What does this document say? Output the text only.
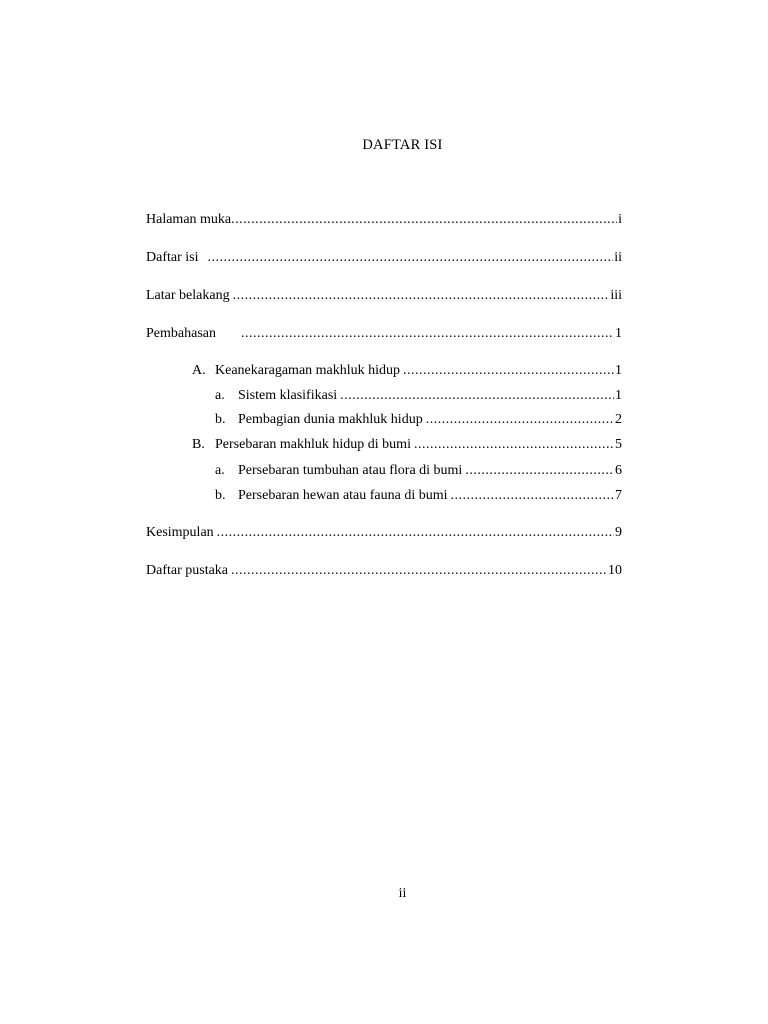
DAFTAR ISI
Halaman muka .....	i
Daftar isi .....	ii
Latar belakang .....	iii
Pembahasan .....	1
A. Keanekaragaman makhluk hidup .....	1
a. Sistem klasifikasi .....	1
b. Pembagian dunia makhluk hidup .....	2
B. Persebaran makhluk hidup di bumi .....	5
a. Persebaran tumbuhan atau flora di bumi .....	6
b. Persebaran hewan atau fauna di bumi .....	7
Kesimpulan .....	9
Daftar pustaka .....	10
ii
